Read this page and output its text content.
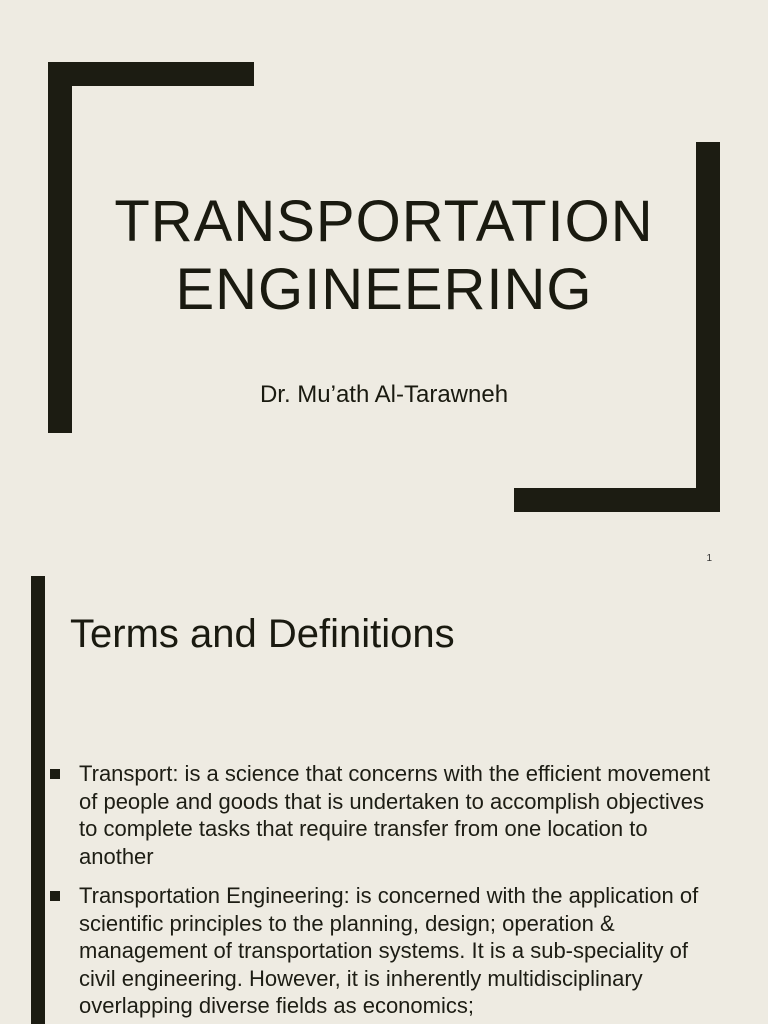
TRANSPORTATION
ENGINEERING
Dr. Mu’ath Al-Tarawneh
1
Terms and Definitions
Transport: is a science that concerns with the efficient movement of people and goods that is undertaken to accomplish objectives to complete tasks that require transfer from one location to another
Transportation Engineering: is concerned with the application of scientific principles to the planning, design; operation & management of transportation systems. It is a sub-speciality of civil engineering. However, it is inherently multidisciplinary overlapping diverse fields as economics;
